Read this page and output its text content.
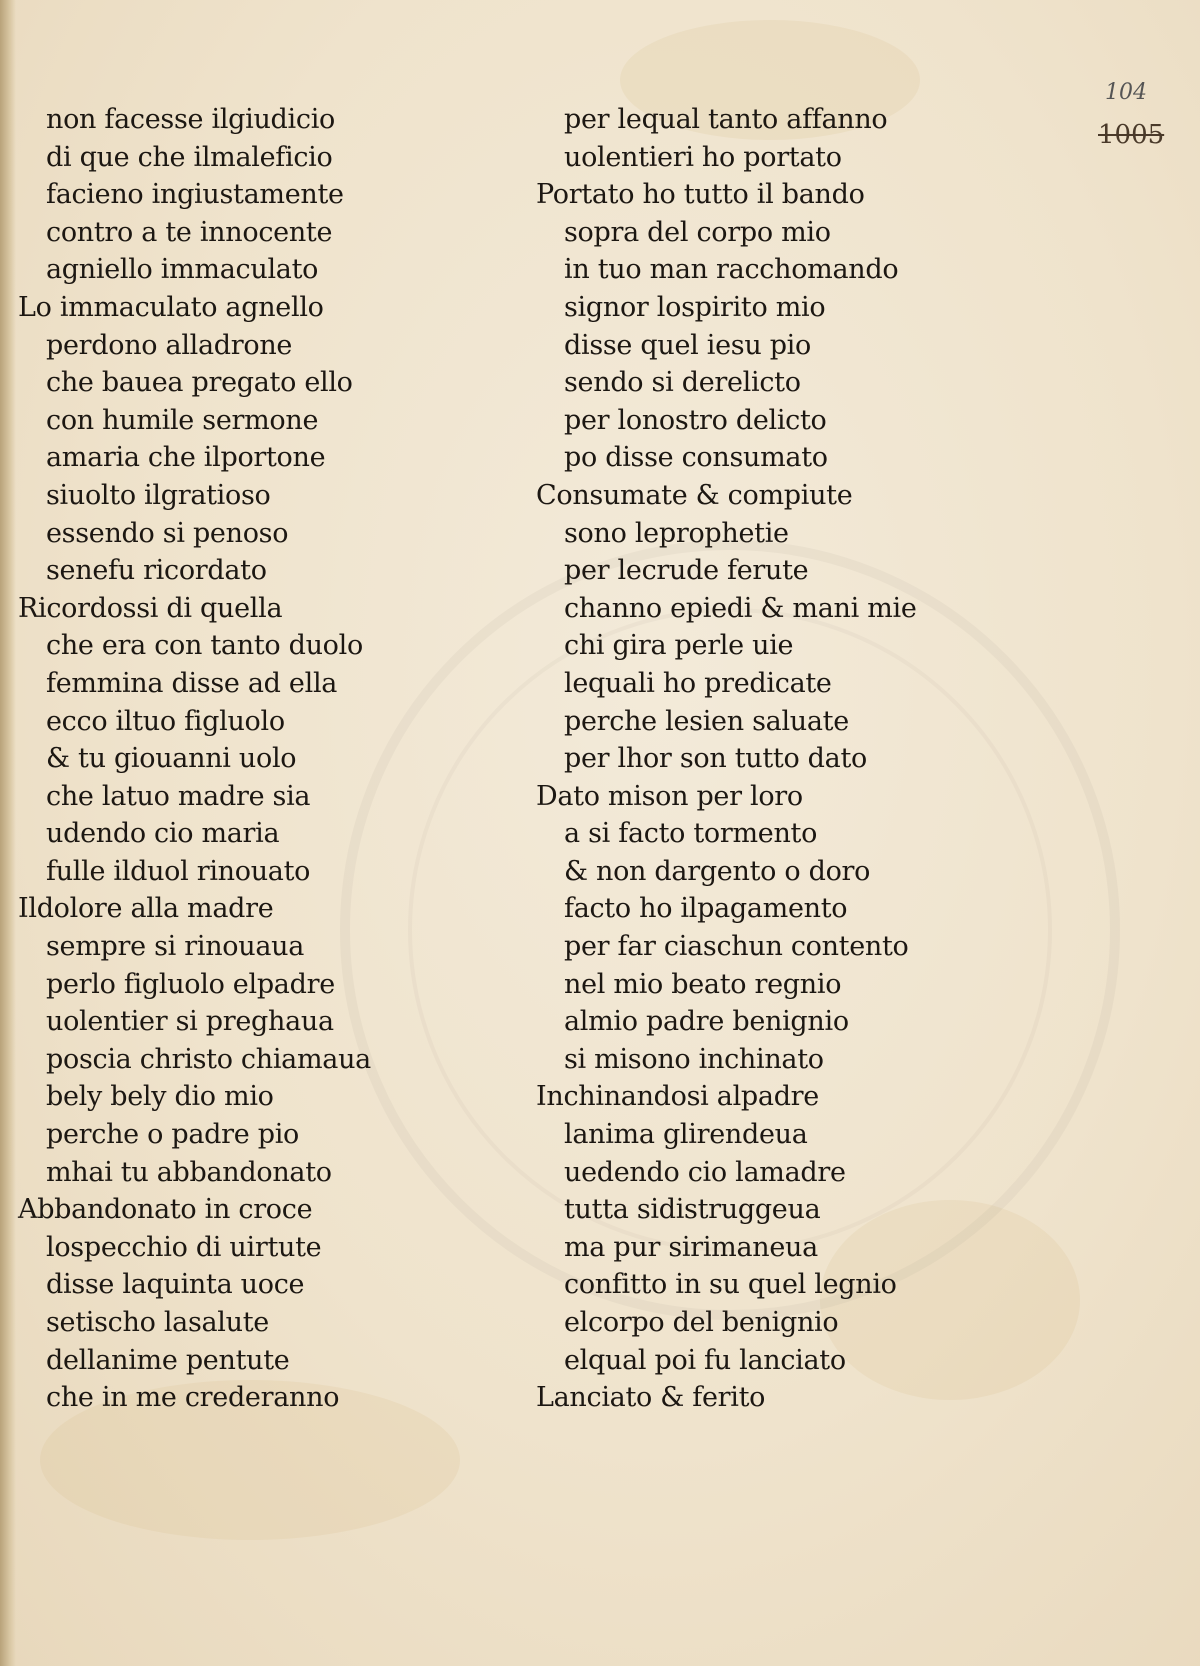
104
1005
non facesse ilgiudicio
di que che ilmaleficio
facieno ingiustamente
contro a te innocente
agniello immaculato
Lo immaculato agnello
perdono alladrone
che bauea pregato ello
con humile sermone
amaria che ilportone
siuolto ilgratioso
essendo si penoso
senefu ricordato
Ricordossi di quella
che era con tanto duolo
femmina disse ad ella
ecco iltuo figluolo
& tu giouanni uolo
che latuo madre sia
udendo cio maria
fulle ilduol rinouato
Ildolore alla madre
sempre si rinouaua
perlo figluolo elpadre
uolentier si preghaua
poscia christo chiamaua
bely bely dio mio
perche o padre pio
mhai tu abbandonato
Abbandonato in croce
lospecchio di uirtute
disse laquinta uoce
setischo lasalute
dellanime pentute
che in me crederanno
per lequal tanto affanno
uolentieri ho portato
Portato ho tutto il bando
sopra del corpo mio
in tuo man racchomando
signor lospirito mio
disse quel iesu pio
sendo si derelicto
per lonostro delicto
po disse consumato
Consumate & compiute
sono leprophetie
per lecrude ferute
channo epiedi & mani mie
chi gira perle uie
lequali ho predicate
perche lesien saluate
per lhor son tutto dato
Dato mison per loro
a si facto tormento
& non dargento o doro
facto ho ilpagamento
per far ciaschun contento
nel mio beato regnio
almio padre benignio
si misono inchinato
Inchinandosi alpadre
lanima glirendeua
uedendo cio lamadre
tutta sidistruggeua
ma pur sirimaneua
confitto in su quel legnio
elcorpo del benignio
elqual poi fu lanciato
Lanciato & ferito
